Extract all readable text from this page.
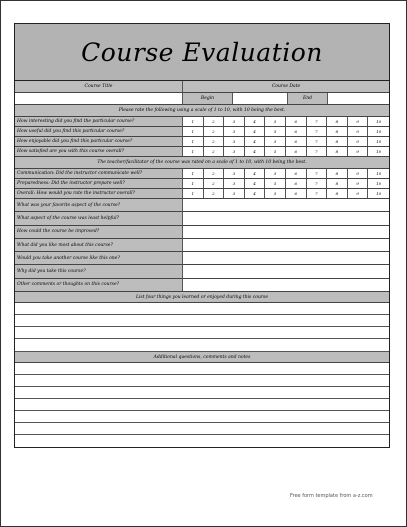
Course Evaluation
Course Title	Course Date
Begin	End
Please rate the following using a scale of 1 to 10, with 10 being the best.
How interesting did you find the particular course?	1	2	3	4	5	6	7	8	9	10
How useful did you find this particular course?	1	2	3	4	5	6	7	8	9	10
How enjoyable did you find this particular course?	1	2	3	4	5	6	7	8	9	10
How satisfied are you with this course overall?	1	2	3	4	5	6	7	8	9	10
The teacher/facilitator of the course was rated on a scale of 1 to 10, with 10 being the best.
Communication: Did the instructor communicate well?	1	2	3	4	5	6	7	8	9	10
Preparedness: Did the instructor prepare well?	1	2	3	4	5	6	7	8	9	10
Overall: How would you rate the instructor overall?	1	2	3	4	5	6	7	8	9	10
What was your favorite aspect of the course?
What aspect of the course was least helpful?
How could the course be improved?
What did you like most about this course?
Would you take another course like this one?
Why did you take this course?
Other comments or thoughts on this course?
List four things you learned or enjoyed during this course
Additional questions, comments and notes
Free form template from a-z.com
